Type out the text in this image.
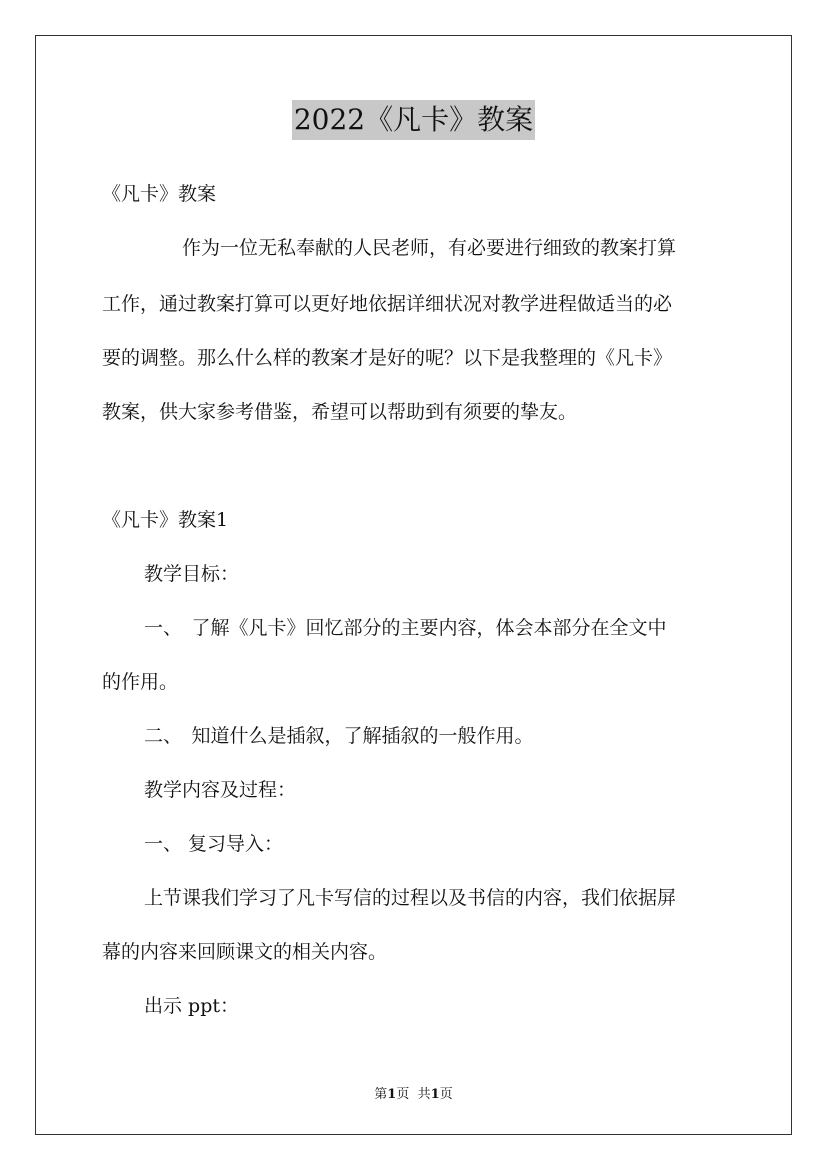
2022《凡卡》教案
《凡卡》教案
作为一位无私奉献的人民老师，有必要进行细致的教案打算
工作，通过教案打算可以更好地依据详细状况对教学进程做适当的必
要的调整。那么什么样的教案才是好的呢？以下是我整理的《凡卡》
教案，供大家参考借鉴，希望可以帮助到有须要的挚友。
《凡卡》教案1
教学目标：
一、　了解《凡卡》回忆部分的主要内容，体会本部分在全文中
的作用。
二、　知道什么是插叙，了解插叙的一般作用。
教学内容及过程：
一、 复习导入：
上节课我们学习了凡卡写信的过程以及书信的内容，我们依据屏
幕的内容来回顾课文的相关内容。
出示 ppt：
第1页 共1页
